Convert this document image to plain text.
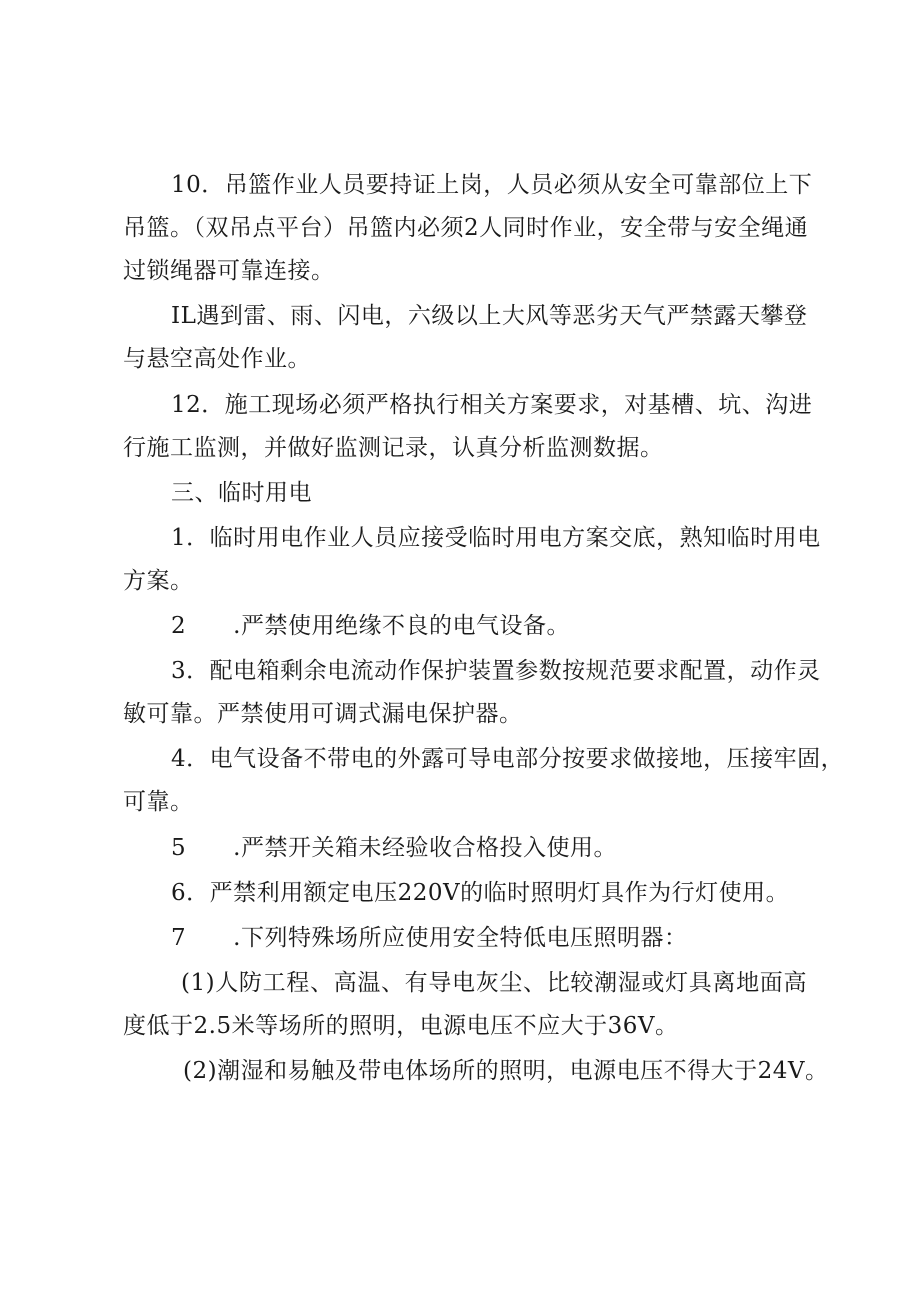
10．吊篮作业人员要持证上岗，人员必须从安全可靠部位上下
吊篮。（双吊点平台）吊篮内必须2人同时作业，安全带与安全绳通
过锁绳器可靠连接。
IL遇到雷、雨、闪电，六级以上大风等恶劣天气严禁露天攀登
与悬空高处作业。
12．施工现场必须严格执行相关方案要求，对基槽、坑、沟进
行施工监测，并做好监测记录，认真分析监测数据。
三、临时用电
1．临时用电作业人员应接受临时用电方案交底，熟知临时用电
方案。
2　　.严禁使用绝缘不良的电气设备。
3．配电箱剩余电流动作保护装置参数按规范要求配置，动作灵
敏可靠。严禁使用可调式漏电保护器。
4．电气设备不带电的外露可导电部分按要求做接地，压接牢固，
可靠。
5　　.严禁开关箱未经验收合格投入使用。
6．严禁利用额定电压220V的临时照明灯具作为行灯使用。
7　　.下列特殊场所应使用安全特低电压照明器：
(1)人防工程、高温、有导电灰尘、比较潮湿或灯具离地面高
度低于2.5米等场所的照明，电源电压不应大于36V。
(2)潮湿和易触及带电体场所的照明，电源电压不得大于24V。
